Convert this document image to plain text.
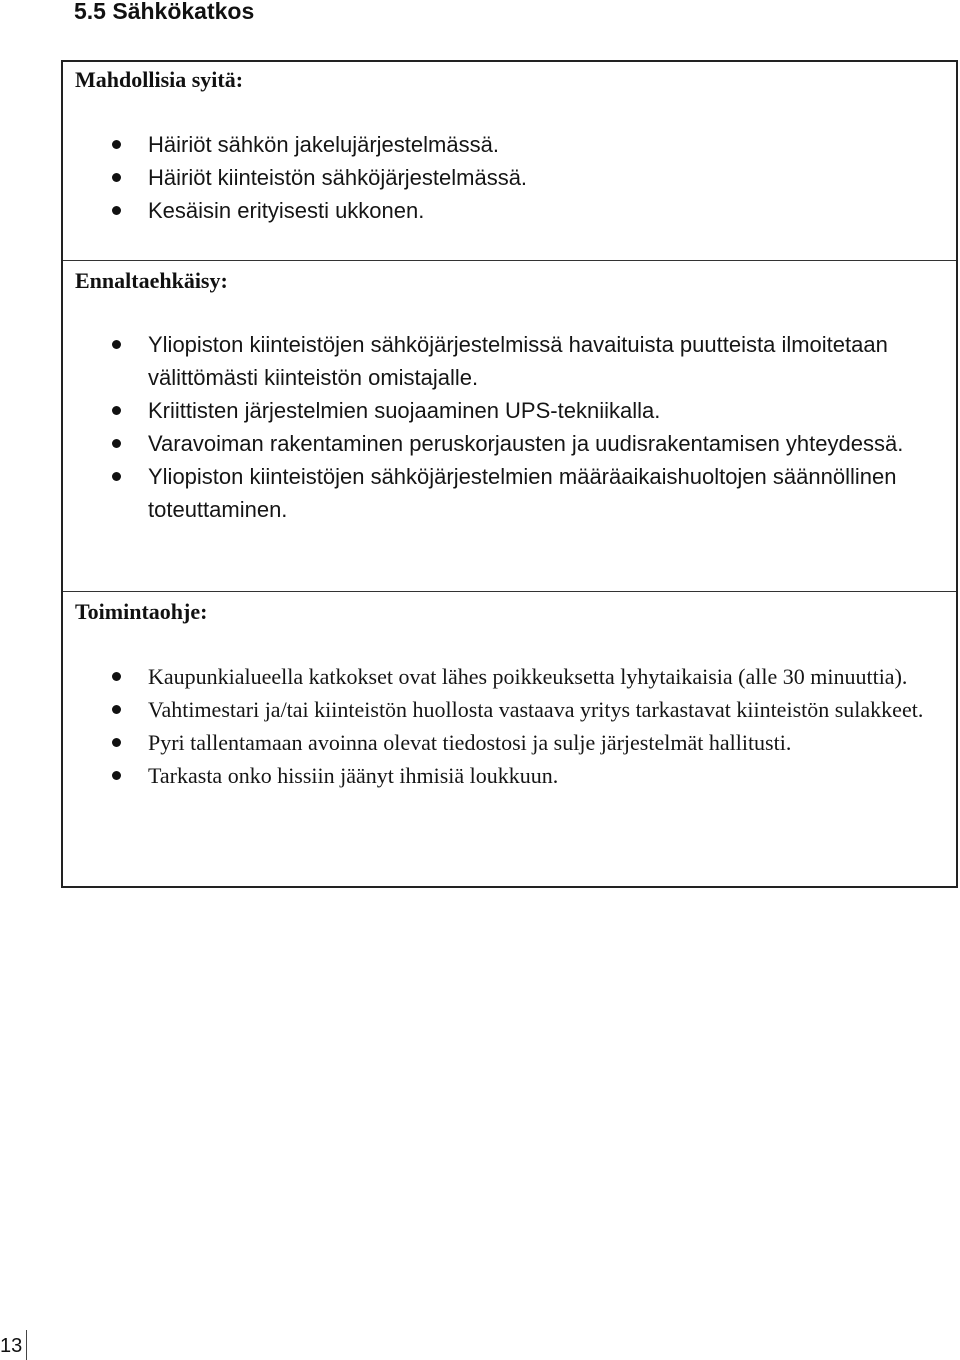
5.5 Sähkökatkos
Mahdollisia syitä:
Häiriöt sähkön jakelujärjestelmässä.
Häiriöt kiinteistön sähköjärjestelmässä.
Kesäisin erityisesti ukkonen.
Ennaltaehkäisy:
Yliopiston kiinteistöjen sähköjärjestelmissä havaituista puutteista ilmoitetaan välittömästi kiinteistön omistajalle.
Kriittisten järjestelmien suojaaminen UPS-tekniikalla.
Varavoiman rakentaminen peruskorjausten ja uudisrakentamisen yhteydessä.
Yliopiston kiinteistöjen sähköjärjestelmien määräaikaishuoltojen säännöllinen toteuttaminen.
Toimintaohje:
Kaupunkialueella katkokset ovat lähes poikkeuksetta lyhytaikaisia (alle 30 minuuttia).
Vahtimestari ja/tai kiinteistön huollosta vastaava yritys tarkastavat kiinteistön sulakkeet.
Pyri tallentamaan avoinna olevat tiedostosi ja sulje järjestelmät hallitusti.
Tarkasta onko hissiin jäänyt ihmisiä loukkuun.
13
